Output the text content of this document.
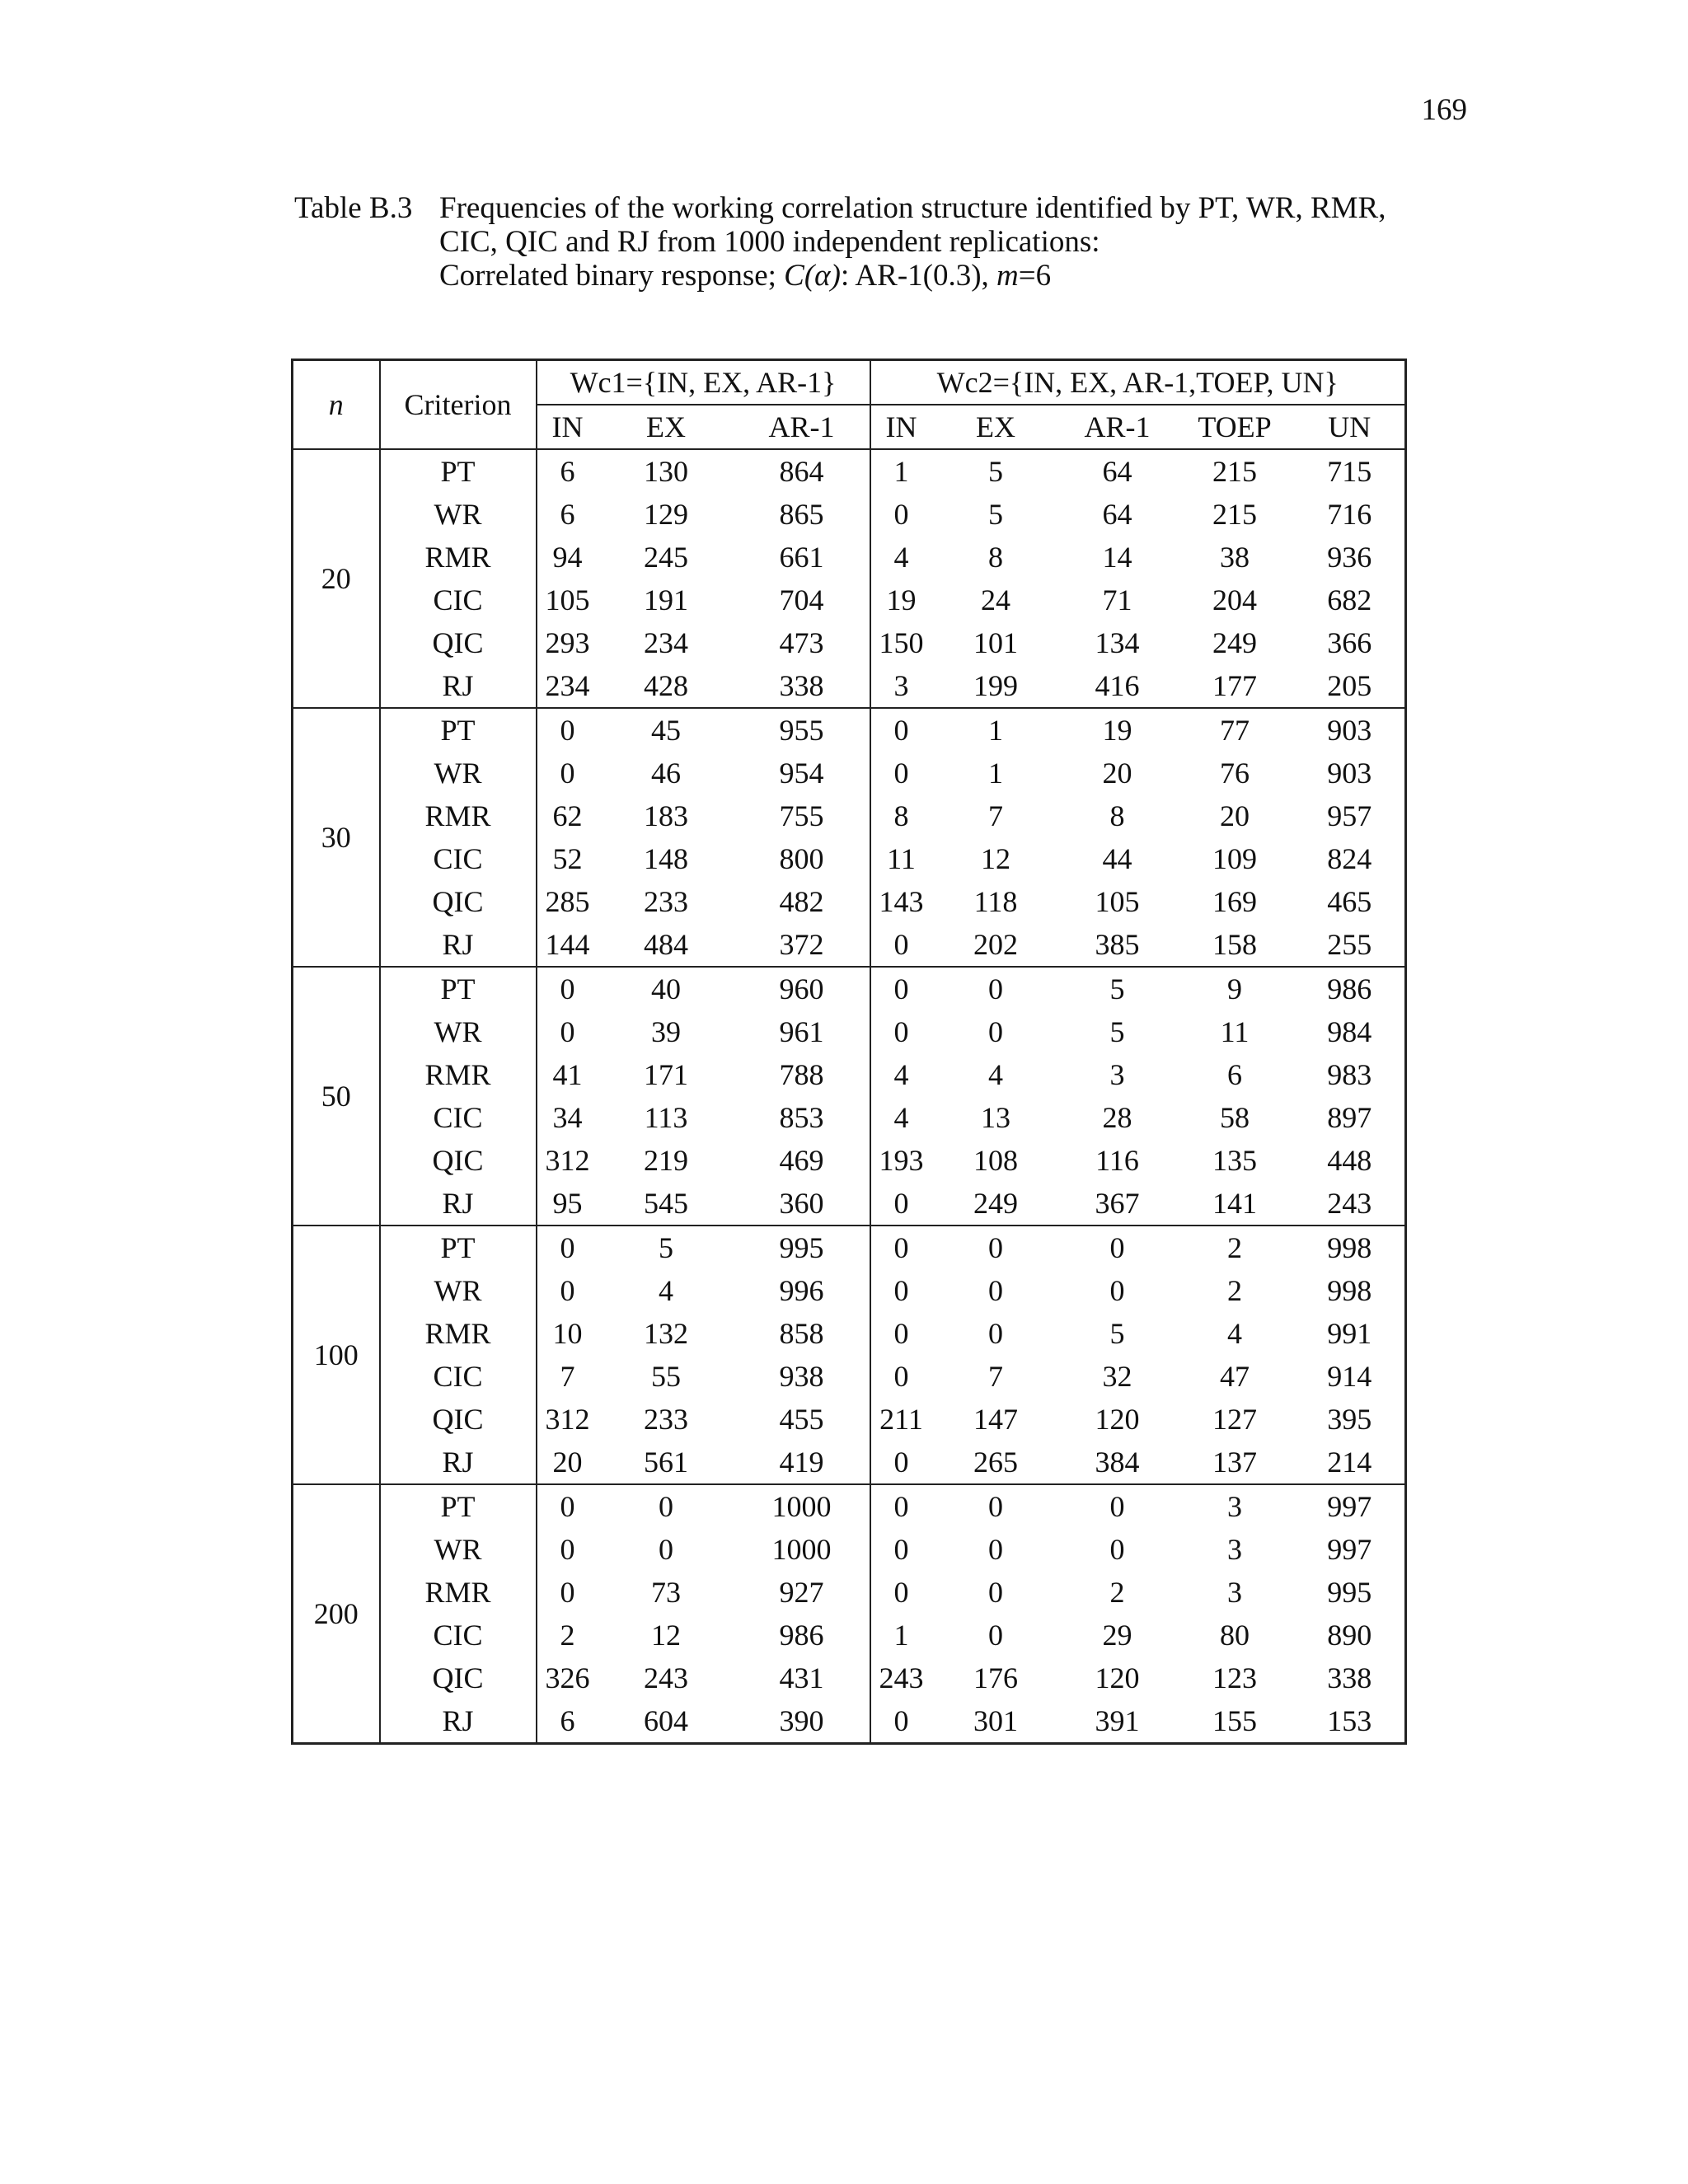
169
Table B.3 Frequencies of the working correlation structure identified by PT, WR, RMR,
CIC, QIC and RJ from 1000 independent replications:
Correlated binary response; C(α): AR-1(0.3), m=6
n	Criterion	Wc1={IN, EX, AR-1}			Wc2={IN, EX, AR-1,TOEP, UN}				
		IN	EX	AR-1	IN	EX	AR-1	TOEP	UN
20	PT	6	130	864	1	5	64	215	715
	WR	6	129	865	0	5	64	215	716
	RMR	94	245	661	4	8	14	38	936
	CIC	105	191	704	19	24	71	204	682
	QIC	293	234	473	150	101	134	249	366
	RJ	234	428	338	3	199	416	177	205
30	PT	0	45	955	0	1	19	77	903
	WR	0	46	954	0	1	20	76	903
	RMR	62	183	755	8	7	8	20	957
	CIC	52	148	800	11	12	44	109	824
	QIC	285	233	482	143	118	105	169	465
	RJ	144	484	372	0	202	385	158	255
50	PT	0	40	960	0	0	5	9	986
	WR	0	39	961	0	0	5	11	984
	RMR	41	171	788	4	4	3	6	983
	CIC	34	113	853	4	13	28	58	897
	QIC	312	219	469	193	108	116	135	448
	RJ	95	545	360	0	249	367	141	243
100	PT	0	5	995	0	0	0	2	998
	WR	0	4	996	0	0	0	2	998
	RMR	10	132	858	0	0	5	4	991
	CIC	7	55	938	0	7	32	47	914
	QIC	312	233	455	211	147	120	127	395
	RJ	20	561	419	0	265	384	137	214
200	PT	0	0	1000	0	0	0	3	997
	WR	0	0	1000	0	0	0	3	997
	RMR	0	73	927	0	0	2	3	995
	CIC	2	12	986	1	0	29	80	890
	QIC	326	243	431	243	176	120	123	338
	RJ	6	604	390	0	301	391	155	153
